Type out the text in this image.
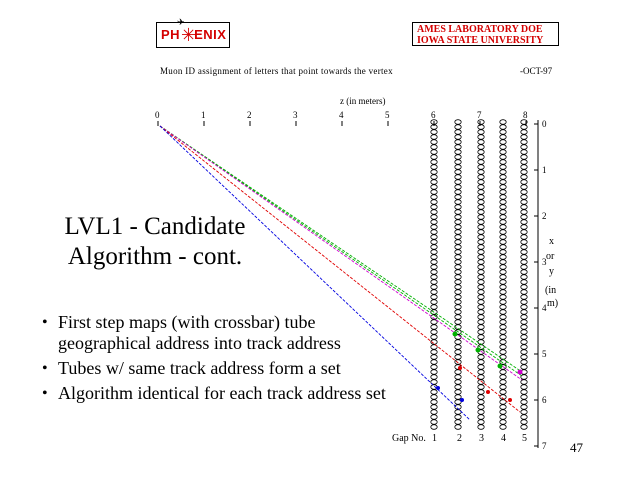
0	1	2	3	4	5	6	7	8
0
1
2
3
4
5
6
7
x
or
y
(in
m)
Gap No. 1 2 3 4 5
✈
✳
PH ENIX	AMES LABORATORY DOE
IOWA STATE UNIVERSITY
Muon ID assignment of letters that point towards the vertex	-OCT-97
z (in meters)
LVL1 - Candidate
Algorithm - cont.
• First step maps (with crossbar) tube geographical address into track address
• Tubes w/ same track address form a set
• Algorithm identical for each track address set
47
